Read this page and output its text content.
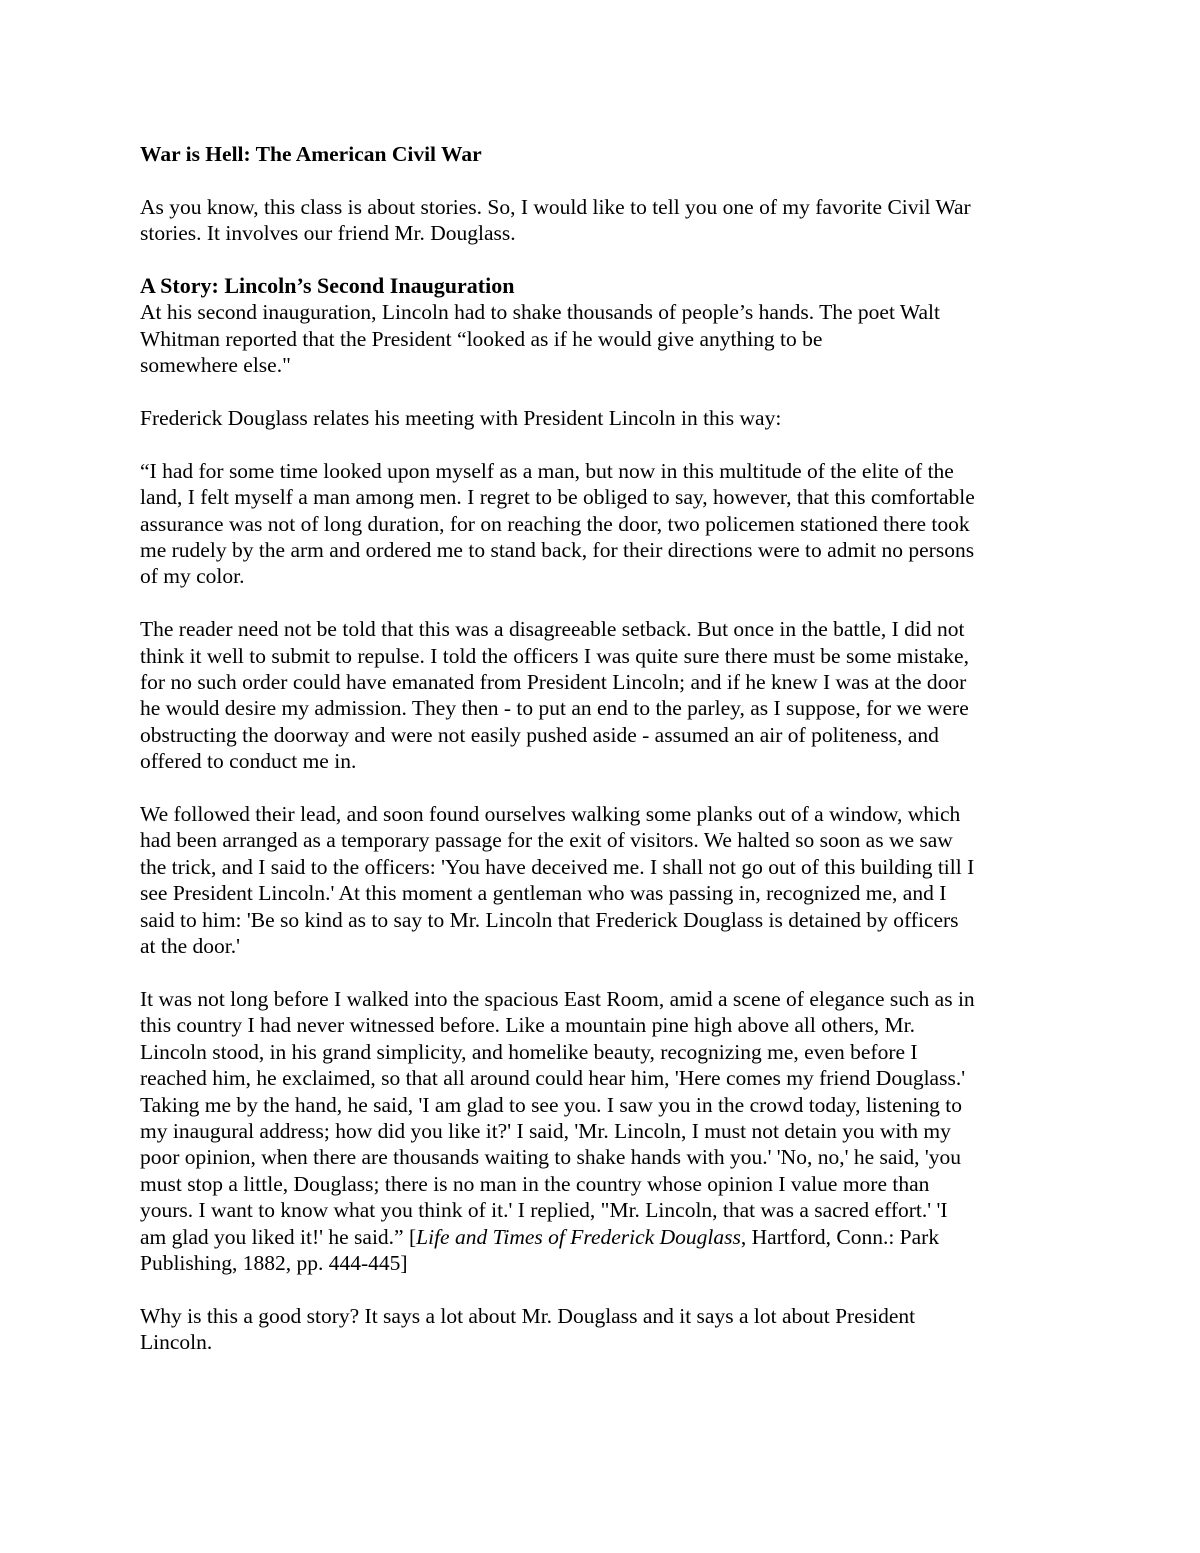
War is Hell: The American Civil War

As you know, this class is about stories. So, I would like to tell you one of my favorite Civil War
stories. It involves our friend Mr. Douglass.

A Story: Lincoln’s Second Inauguration

At his second inauguration, Lincoln had to shake thousands of people’s hands. The poet Walt
Whitman reported that the President “looked as if he would give anything to be
somewhere else."

Frederick Douglass relates his meeting with President Lincoln in this way:

“I had for some time looked upon myself as a man, but now in this multitude of the elite of the
land, I felt myself a man among men. I regret to be obliged to say, however, that this comfortable
assurance was not of long duration, for on reaching the door, two policemen stationed there took
me rudely by the arm and ordered me to stand back, for their directions were to admit no persons
of my color.

The reader need not be told that this was a disagreeable setback. But once in the battle, I did not
think it well to submit to repulse. I told the officers I was quite sure there must be some mistake,
for no such order could have emanated from President Lincoln; and if he knew I was at the door
he would desire my admission. They then - to put an end to the parley, as I suppose, for we were
obstructing the doorway and were not easily pushed aside - assumed an air of politeness, and
offered to conduct me in.

We followed their lead, and soon found ourselves walking some planks out of a window, which
had been arranged as a temporary passage for the exit of visitors. We halted so soon as we saw
the trick, and I said to the officers: 'You have deceived me. I shall not go out of this building till I
see President Lincoln.' At this moment a gentleman who was passing in, recognized me, and I
said to him: 'Be so kind as to say to Mr. Lincoln that Frederick Douglass is detained by officers
at the door.'

It was not long before I walked into the spacious East Room, amid a scene of elegance such as in
this country I had never witnessed before. Like a mountain pine high above all others, Mr.
Lincoln stood, in his grand simplicity, and homelike beauty, recognizing me, even before I
reached him, he exclaimed, so that all around could hear him, 'Here comes my friend Douglass.'
Taking me by the hand, he said, 'I am glad to see you. I saw you in the crowd today, listening to
my inaugural address; how did you like it?' I said, 'Mr. Lincoln, I must not detain you with my
poor opinion, when there are thousands waiting to shake hands with you.' 'No, no,' he said, 'you
must stop a little, Douglass; there is no man in the country whose opinion I value more than
yours. I want to know what you think of it.' I replied, "Mr. Lincoln, that was a sacred effort.' 'I
am glad you liked it!' he said.” [Life and Times of Frederick Douglass, Hartford, Conn.: Park
Publishing, 1882, pp. 444-445]

Why is this a good story? It says a lot about Mr. Douglass and it says a lot about President
Lincoln.
